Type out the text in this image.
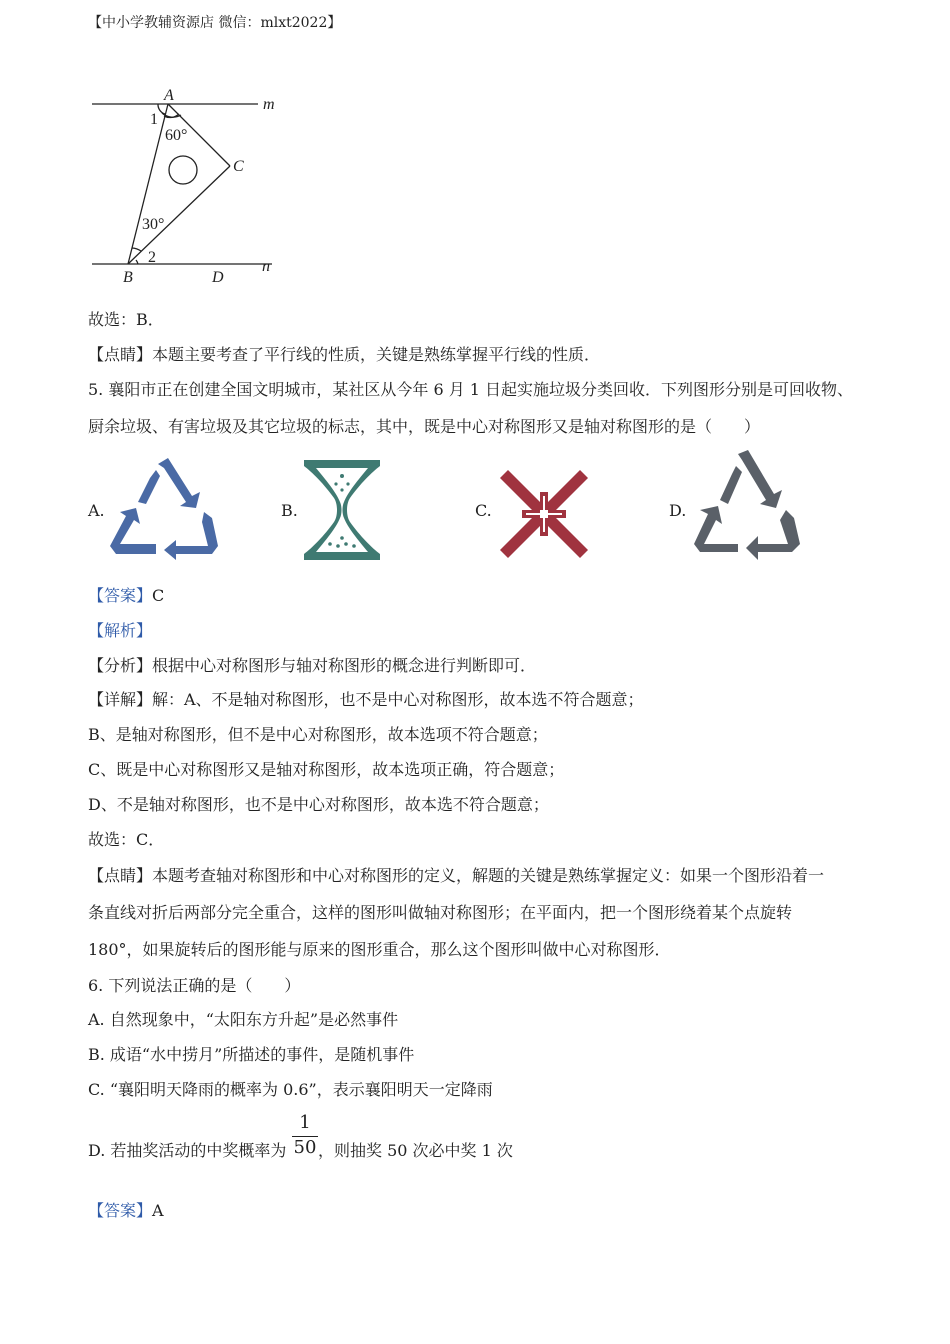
【中小学教辅资源店 微信：mlxt2022】
A
m
1
60°
C
30°
2
n
B	D
故选：B．
【点睛】本题主要考查了平行线的性质，关键是熟练掌握平行线的性质．
5. 襄阳市正在创建全国文明城市，某社区从今年 6 月 1 日起实施垃圾分类回收．下列图形分别是可回收物、
厨余垃圾、有害垃圾及其它垃圾的标志，其中，既是中心对称图形又是轴对称图形的是（　　）
A.	B.	C.	D.
【答案】C
【解析】
【分析】根据中心对称图形与轴对称图形的概念进行判断即可．
【详解】解：A、不是轴对称图形，也不是中心对称图形，故本选不符合题意；
B、是轴对称图形，但不是中心对称图形，故本选项不符合题意；
C、既是中心对称图形又是轴对称图形，故本选项正确，符合题意；
D、不是轴对称图形，也不是中心对称图形，故本选不符合题意；
故选：C．
【点睛】本题考查轴对称图形和中心对称图形的定义，解题的关键是熟练掌握定义：如果一个图形沿着一
条直线对折后两部分完全重合，这样的图形叫做轴对称图形；在平面内，把一个图形绕着某个点旋转
180°，如果旋转后的图形能与原来的图形重合，那么这个图形叫做中心对称图形．
6. 下列说法正确的是（　　）
A. 自然现象中，“太阳东方升起”是必然事件
B. 成语“水中捞月”所描述的事件，是随机事件
C. “襄阳明天降雨的概率为 0.6”，表示襄阳明天一定降雨
D. 若抽奖活动的中奖概率为
1
50 ，则抽奖 50 次必中奖 1 次
【答案】A
